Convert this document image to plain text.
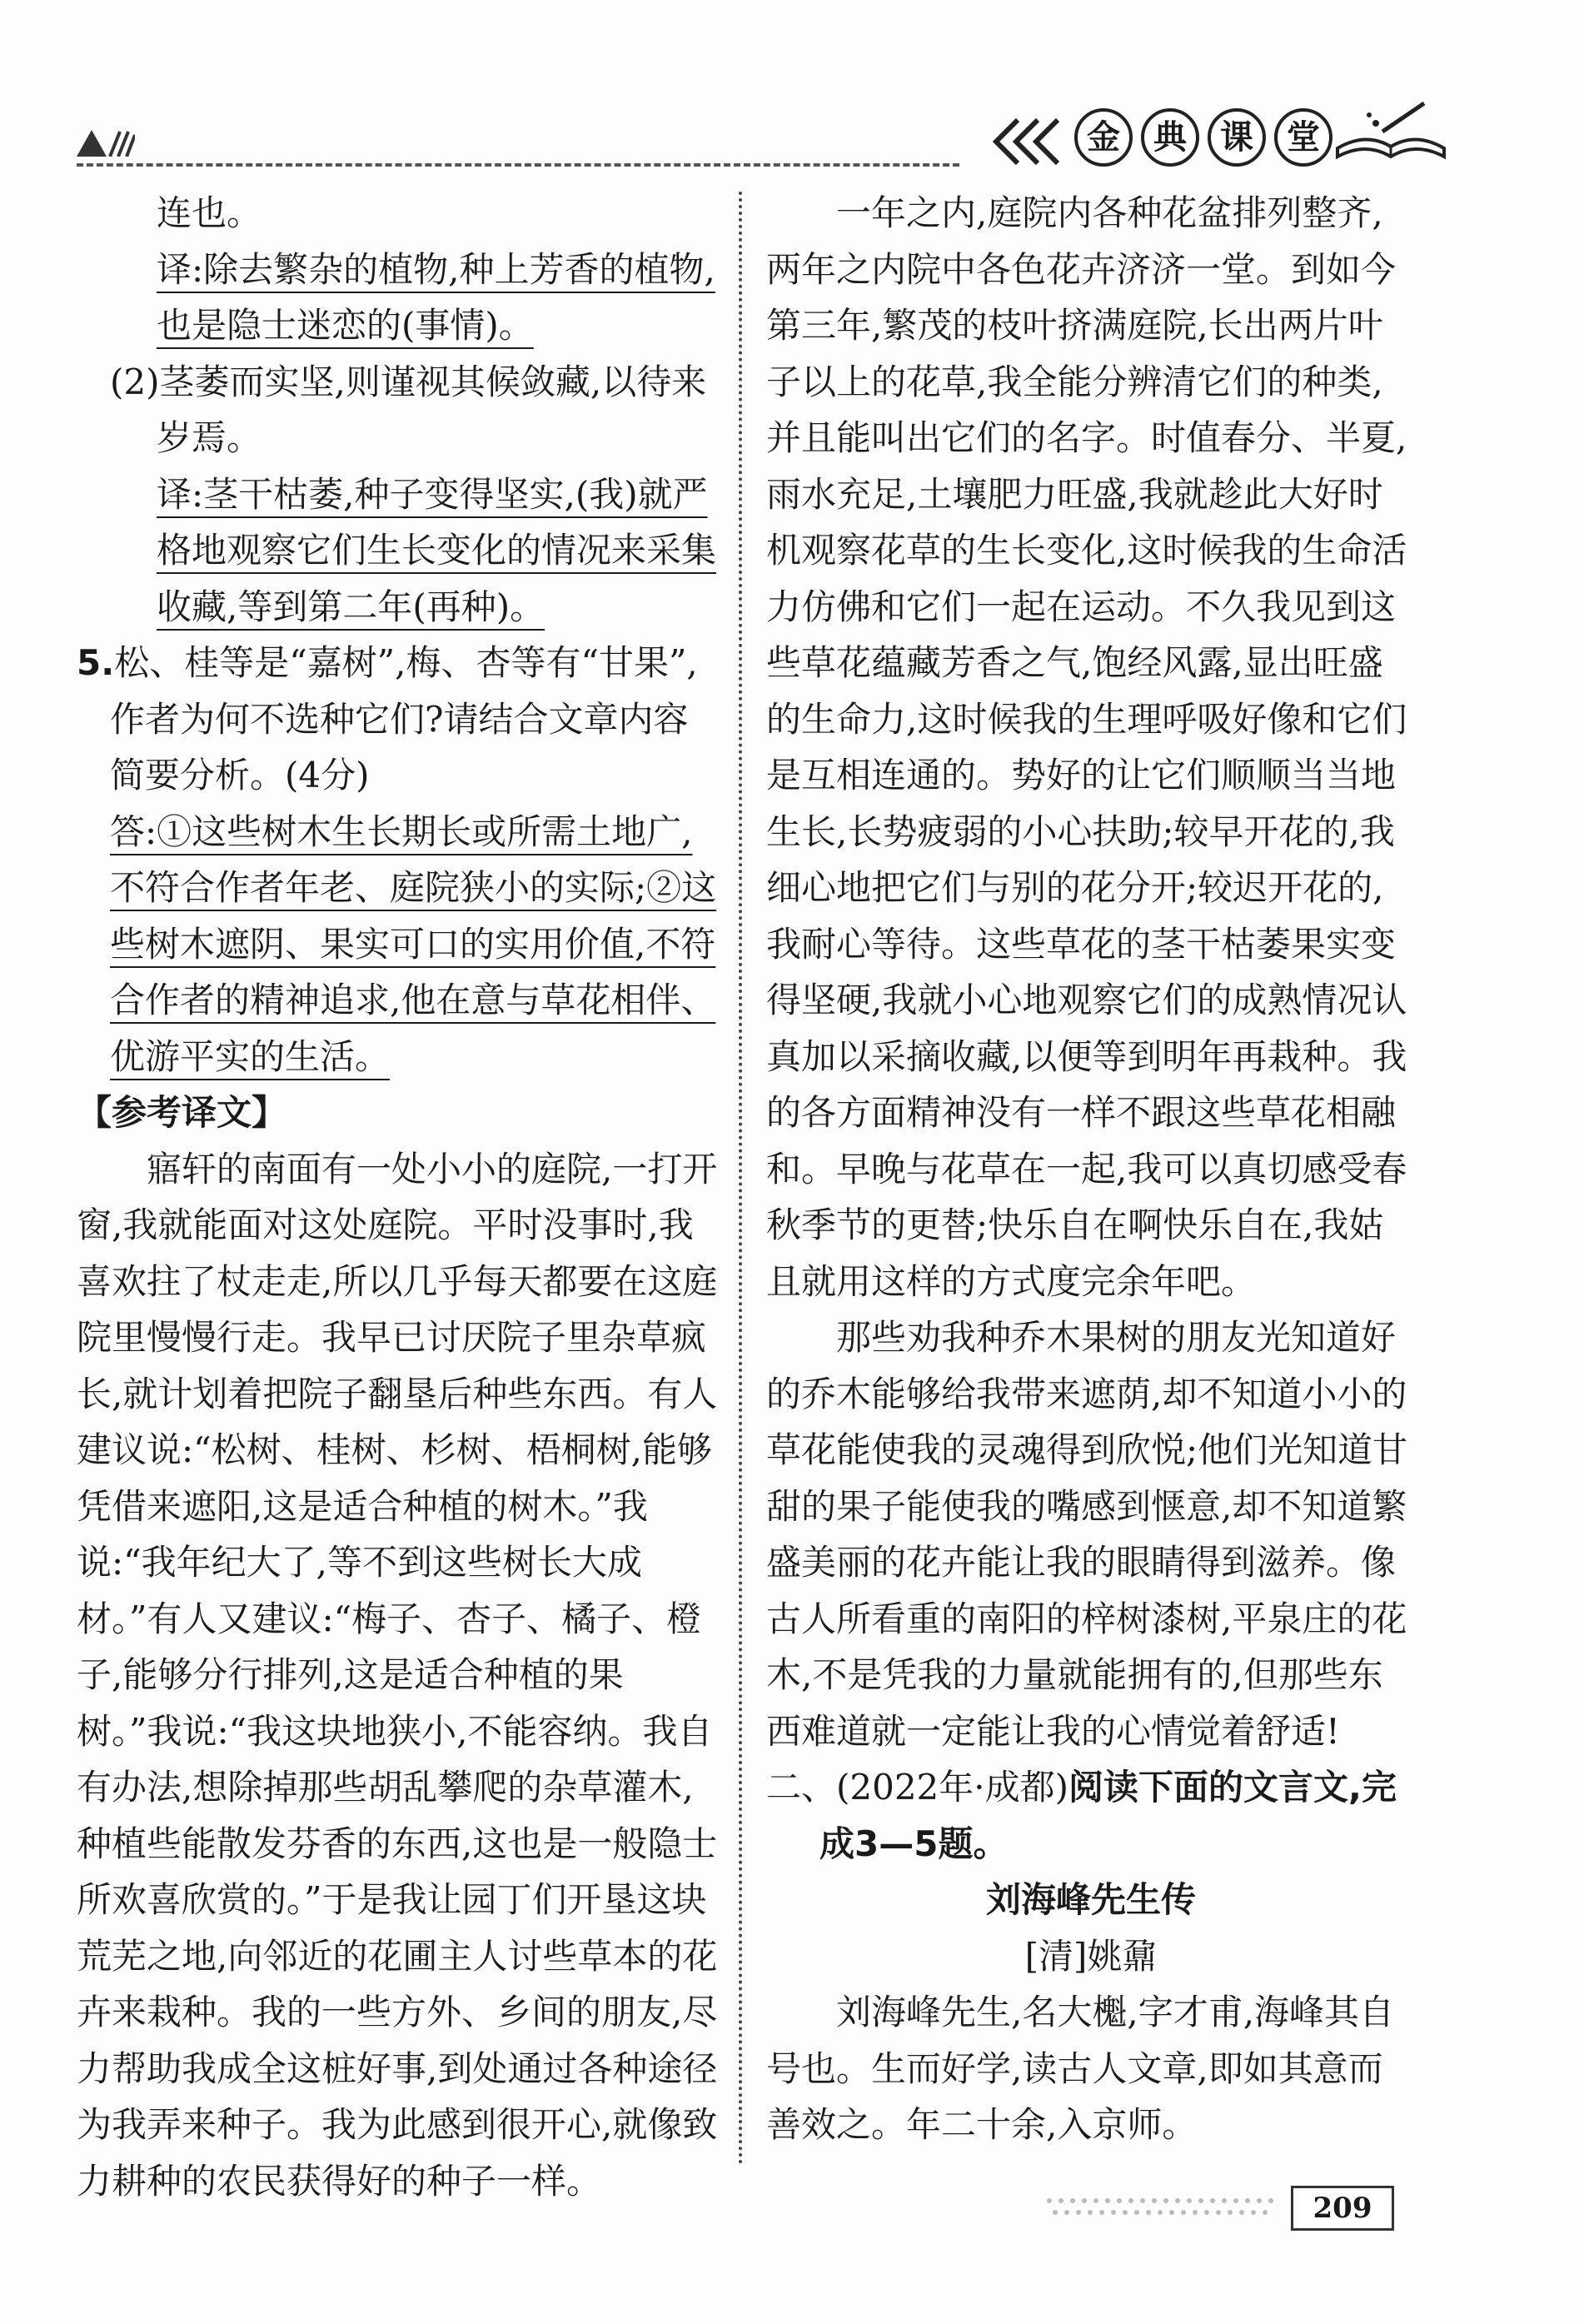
金	典	课	堂

连也。

译:除去繁杂的植物,种上芳香的植物,

也是隐士迷恋的(事情)。

(2)茎萎而实坚,则谨视其候敛藏,以待来

岁焉。

译:茎干枯萎,种子变得坚实,(我)就严

格地观察它们生长变化的情况来采集

收藏,等到第二年(再种)。

5.松、桂等是“嘉树”,梅、杏等有“甘果”,作者为何不选种它们?请结合文章内容简要分析。(4分)

答:①这些树木生长期长或所需土地广,不符合作者年老、庭院狭小的实际;②这些树木遮阴、果实可口的实用价值,不符合作者的精神追求,他在意与草花相伴、优游平实的生活。

【参考译文】

寤轩的南面有一处小小的庭院,一打开窗,我就能面对这处庭院。平时没事时,我喜欢拄了杖走走,所以几乎每天都要在这庭院里慢慢行走。我早已讨厌院子里杂草疯长,就计划着把院子翻垦后种些东西。有人建议说:“松树、桂树、杉树、梧桐树,能够凭借来遮阳,这是适合种植的树木。”我说:“我年纪大了,等不到这些树长大成材。”有人又建议:“梅子、杏子、橘子、橙子,能够分行排列,这是适合种植的果树。”我说:“我这块地狭小,不能容纳。我自有办法,想除掉那些胡乱攀爬的杂草灌木,种植些能散发芬香的东西,这也是一般隐士所欢喜欣赏的。”于是我让园丁们开垦这块荒芜之地,向邻近的花圃主人讨些草本的花卉来栽种。我的一些方外、乡间的朋友,尽力帮助我成全这桩好事,到处通过各种途径为我弄来种子。我为此感到很开心,就像致力耕种的农民获得好的种子一样。

一年之内,庭院内各种花盆排列整齐,两年之内院中各色花卉济济一堂。到如今第三年,繁茂的枝叶挤满庭院,长出两片叶子以上的花草,我全能分辨清它们的种类,并且能叫出它们的名字。时值春分、半夏,雨水充足,土壤肥力旺盛,我就趁此大好时机观察花草的生长变化,这时候我的生命活力仿佛和它们一起在运动。不久我见到这些草花蕴藏芳香之气,饱经风露,显出旺盛的生命力,这时候我的生理呼吸好像和它们是互相连通的。势好的让它们顺顺当当地生长,长势疲弱的小心扶助;较早开花的,我细心地把它们与别的花分开;较迟开花的,我耐心等待。这些草花的茎干枯萎果实变得坚硬,我就小心地观察它们的成熟情况认真加以采摘收藏,以便等到明年再栽种。我的各方面精神没有一样不跟这些草花相融和。早晚与花草在一起,我可以真切感受春秋季节的更替;快乐自在啊快乐自在,我姑且就用这样的方式度完余年吧。

那些劝我种乔木果树的朋友光知道好的乔木能够给我带来遮荫,却不知道小小的草花能使我的灵魂得到欣悦;他们光知道甘甜的果子能使我的嘴感到惬意,却不知道繁盛美丽的花卉能让我的眼睛得到滋养。像古人所看重的南阳的梓树漆树,平泉庄的花木,不是凭我的力量就能拥有的,但那些东西难道就一定能让我的心情觉着舒适!

二、(2022年·成都)阅读下面的文言文,完成3—5题。

刘海峰先生传

[清]姚鼐

刘海峰先生,名大櫆,字才甫,海峰其自号也。生而好学,读古人文章,即如其意而善效之。年二十余,入京师。

209
